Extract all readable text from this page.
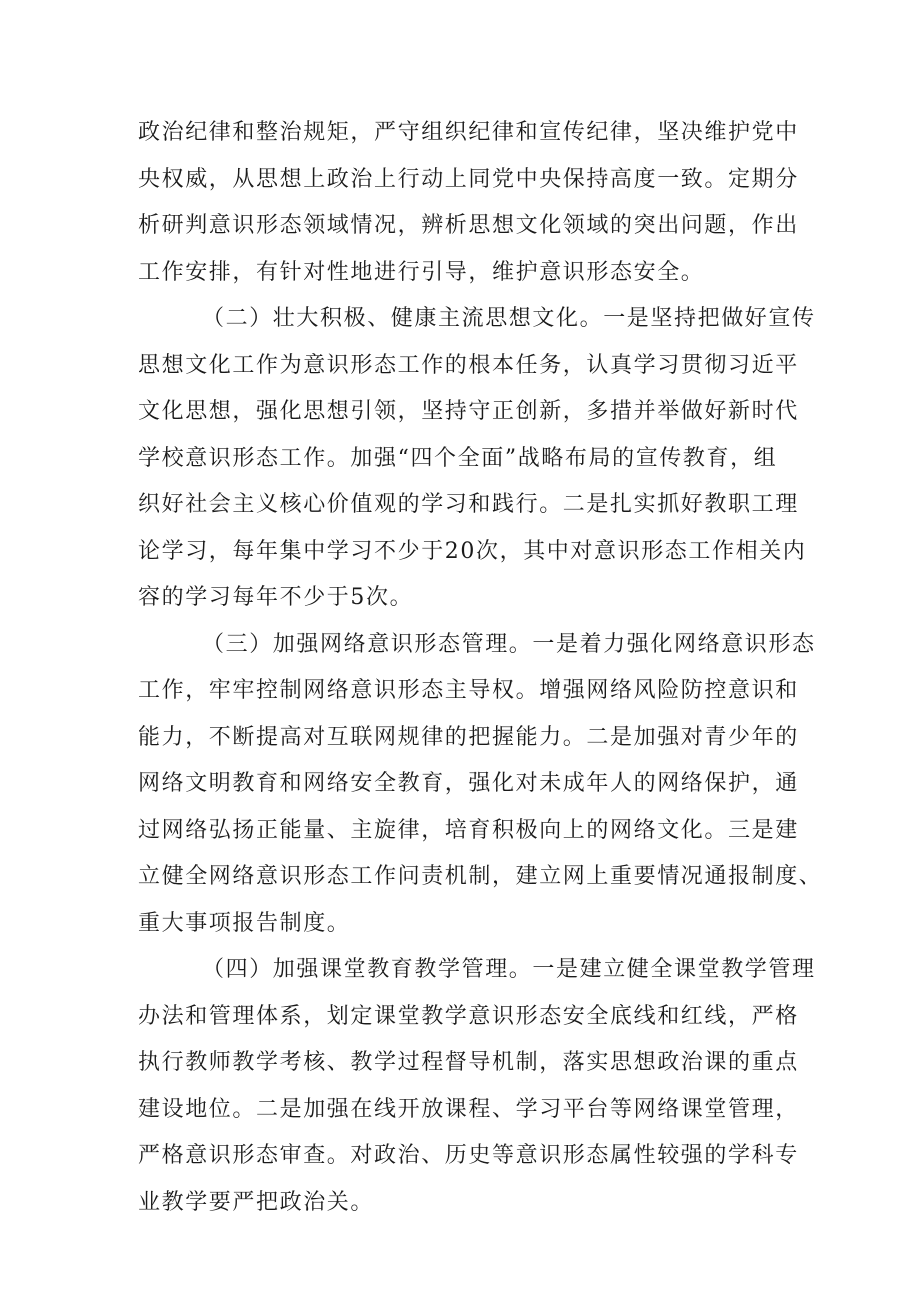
政治纪律和整治规矩，严守组织纪律和宣传纪律，坚决维护党中
央权威，从思想上政治上行动上同党中央保持高度一致。定期分
析研判意识形态领域情况，辨析思想文化领域的突出问题，作出
工作安排，有针对性地进行引导，维护意识形态安全。
（二）壮大积极、健康主流思想文化。一是坚持把做好宣传
思想文化工作为意识形态工作的根本任务，认真学习贯彻习近平
文化思想，强化思想引领，坚持守正创新，多措并举做好新时代
学校意识形态工作。加强“四个全面”战略布局的宣传教育，组
织好社会主义核心价值观的学习和践行。二是扎实抓好教职工理
论学习，每年集中学习不少于20次，其中对意识形态工作相关内
容的学习每年不少于5次。
（三）加强网络意识形态管理。一是着力强化网络意识形态
工作，牢牢控制网络意识形态主导权。增强网络风险防控意识和
能力，不断提高对互联网规律的把握能力。二是加强对青少年的
网络文明教育和网络安全教育，强化对未成年人的网络保护，通
过网络弘扬正能量、主旋律，培育积极向上的网络文化。三是建
立健全网络意识形态工作问责机制，建立网上重要情况通报制度、
重大事项报告制度。
（四）加强课堂教育教学管理。一是建立健全课堂教学管理
办法和管理体系，划定课堂教学意识形态安全底线和红线，严格
执行教师教学考核、教学过程督导机制，落实思想政治课的重点
建设地位。二是加强在线开放课程、学习平台等网络课堂管理，
严格意识形态审查。对政治、历史等意识形态属性较强的学科专
业教学要严把政治关。
